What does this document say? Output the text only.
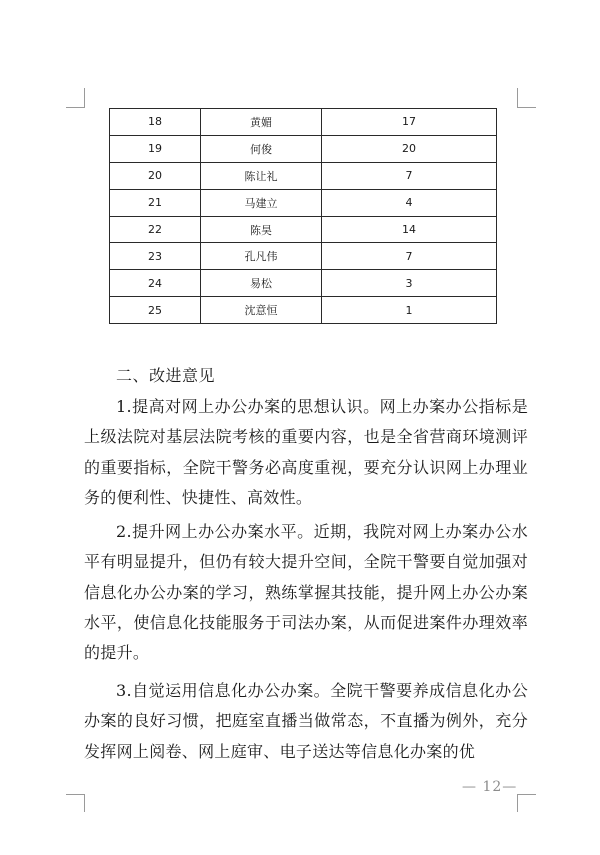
18	黄媚	17
19	何俊	20
20	陈让礼	7
21	马建立	4
22	陈昊	14
23	孔凡伟	7
24	易松	3
25	沈意恒	1
二、改进意见

1.提高对网上办公办案的思想认识。网上办案办公指标是上级法院对基层法院考核的重要内容，也是全省营商环境测评的重要指标，全院干警务必高度重视，要充分认识网上办理业务的便利性、快捷性、高效性。

2.提升网上办公办案水平。近期，我院对网上办案办公水平有明显提升，但仍有较大提升空间，全院干警要自觉加强对信息化办公办案的学习，熟练掌握其技能，提升网上办公办案水平，使信息化技能服务于司法办案，从而促进案件办理效率的提升。

3.自觉运用信息化办公办案。全院干警要养成信息化办公办案的良好习惯，把庭室直播当做常态，不直播为例外，充分发挥网上阅卷、网上庭审、电子送达等信息化办案的优

— 12—
